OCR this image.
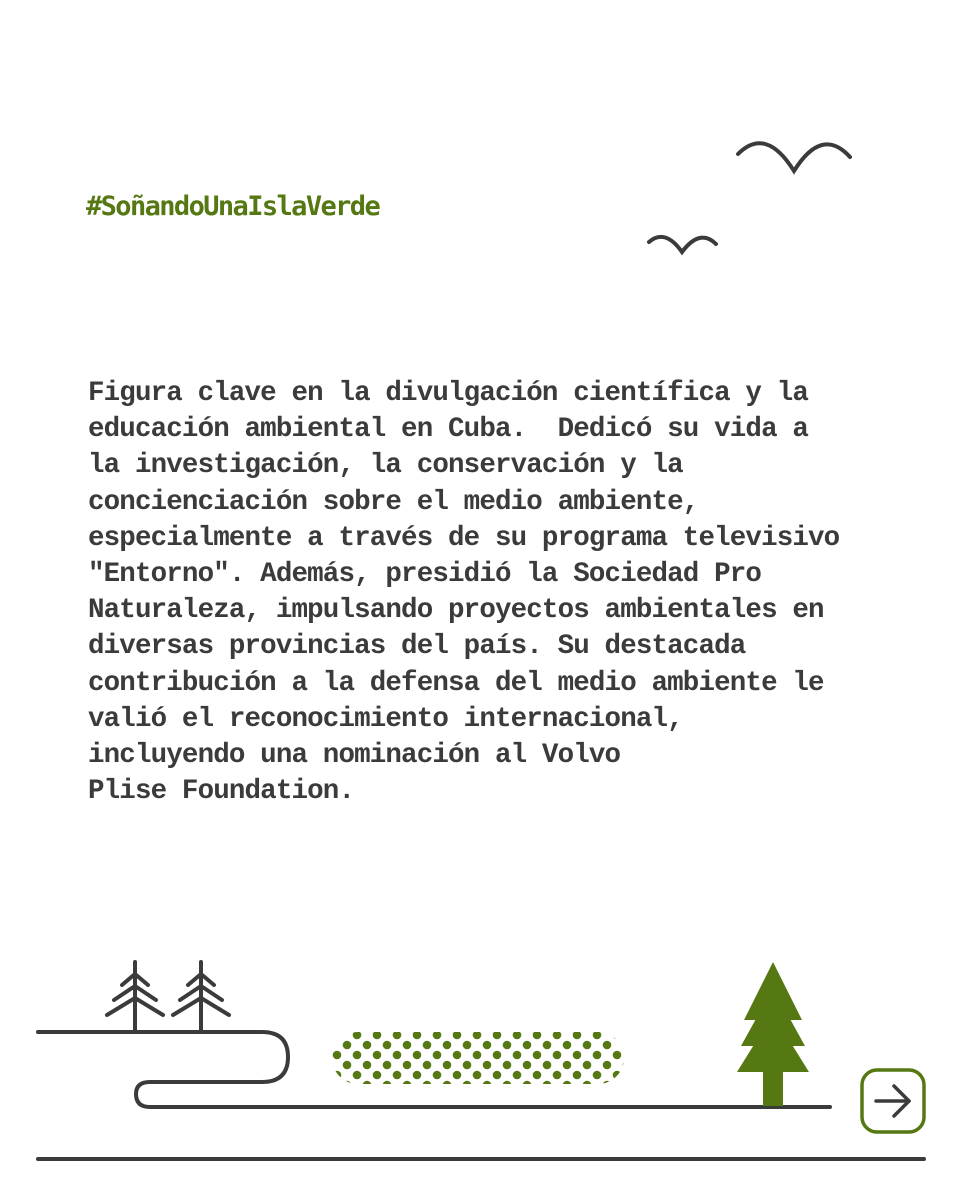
#SoñandoUnaIslaVerde
Figura clave en la divulgación científica y la
educación ambiental en Cuba.  Dedicó su vida a
la investigación, la conservación y la
concienciación sobre el medio ambiente,
especialmente a través de su programa televisivo
"Entorno". Además, presidió la Sociedad Pro
Naturaleza, impulsando proyectos ambientales en
diversas provincias del país. Su destacada
contribución a la defensa del medio ambiente le
valió el reconocimiento internacional,
incluyendo una nominación al Volvo
Plise Foundation.
